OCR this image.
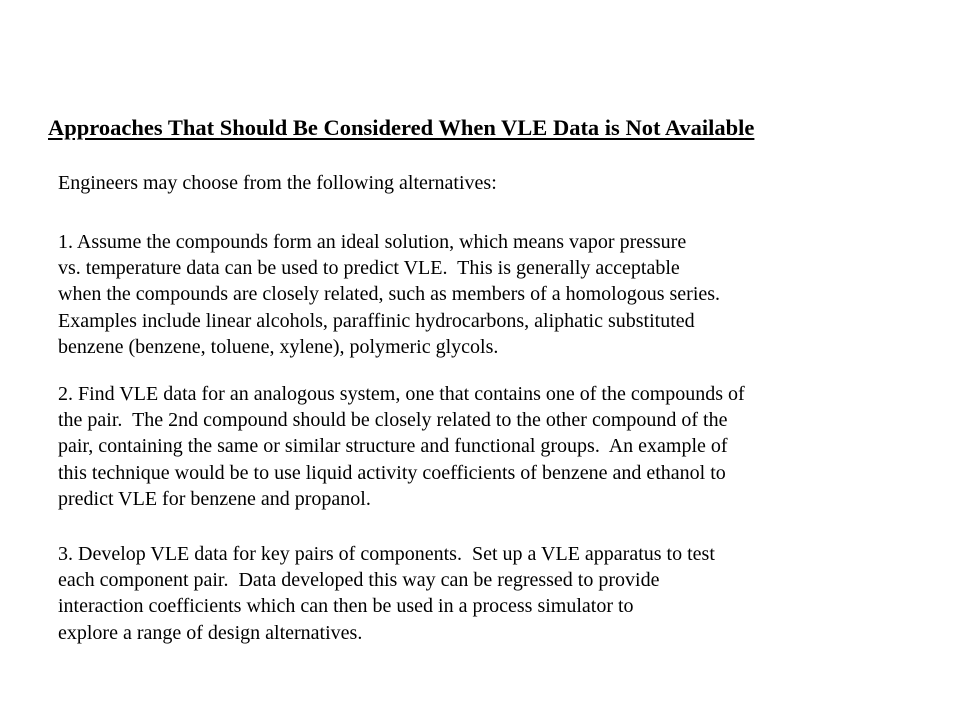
Approaches That Should Be Considered When VLE Data is Not Available
Engineers may choose from the following alternatives:
1. Assume the compounds form an ideal solution, which means vapor pressure
vs. temperature data can be used to predict VLE.  This is generally acceptable
when the compounds are closely related, such as members of a homologous series.
Examples include linear alcohols, paraffinic hydrocarbons, aliphatic substituted
benzene (benzene, toluene, xylene), polymeric glycols.
2. Find VLE data for an analogous system, one that contains one of the compounds of
the pair.  The 2nd compound should be closely related to the other compound of the
pair, containing the same or similar structure and functional groups.  An example of
this technique would be to use liquid activity coefficients of benzene and ethanol to
predict VLE for benzene and propanol.
3. Develop VLE data for key pairs of components.  Set up a VLE apparatus to test
each component pair.  Data developed this way can be regressed to provide
interaction coefficients which can then be used in a process simulator to
explore a range of design alternatives.
